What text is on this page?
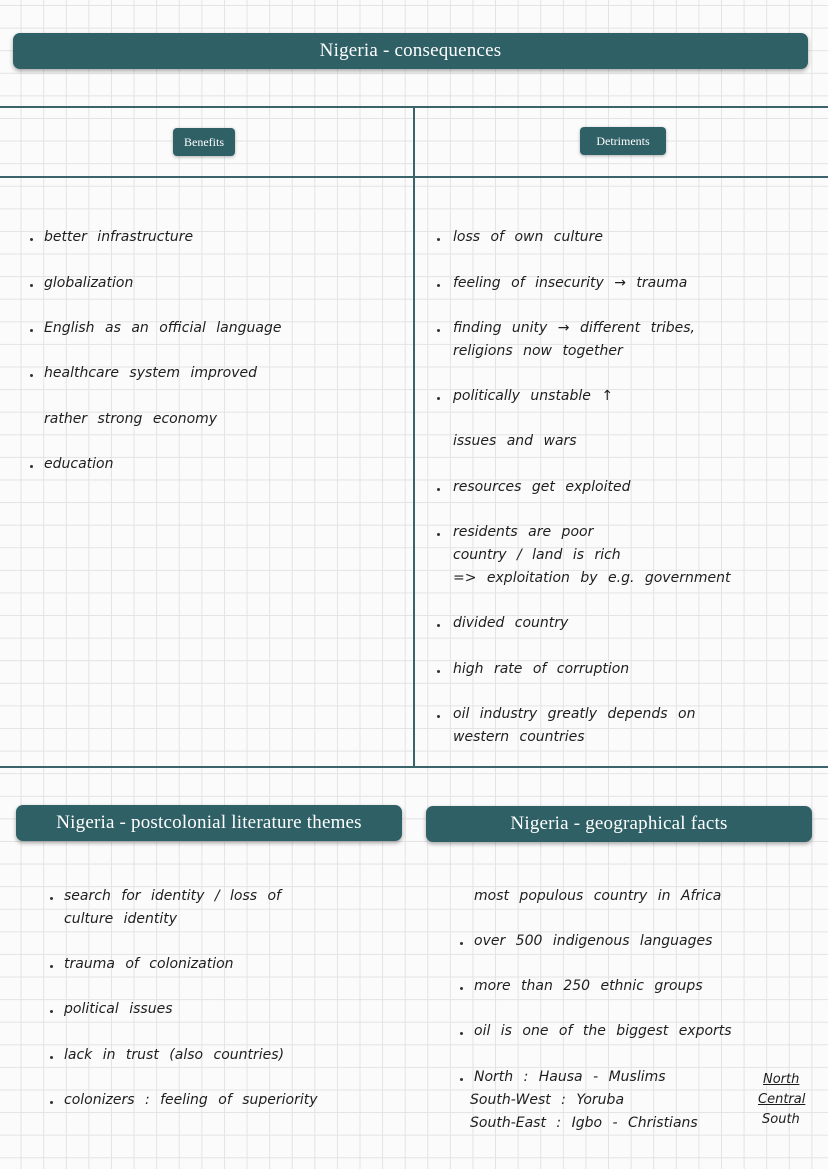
Nigeria - consequences
Benefits	Detriments

better infrastructure

globalization

English as an official language

healthcare system improved

rather strong economy

education

loss of own culture

feeling of insecurity → trauma

finding unity → different tribes,

religions now together

politically unstable ↑

issues and wars

resources get exploited

residents are poor

country / land is rich

=> exploitation by e.g. government

divided country

high rate of corruption

oil industry greatly depends on

western countries

Nigeria - postcolonial literature themes	Nigeria - geographical facts

search for identity / loss of

culture identity

trauma of colonization

political issues

lack in trust (also countries)

colonizers : feeling of superiority

most populous country in Africa

over 500 indigenous languages

more than 250 ethnic groups

oil is one of the biggest exports

North : Hausa - Muslims

South-West : Yoruba

South-East : Igbo - Christians

North

Central

South
